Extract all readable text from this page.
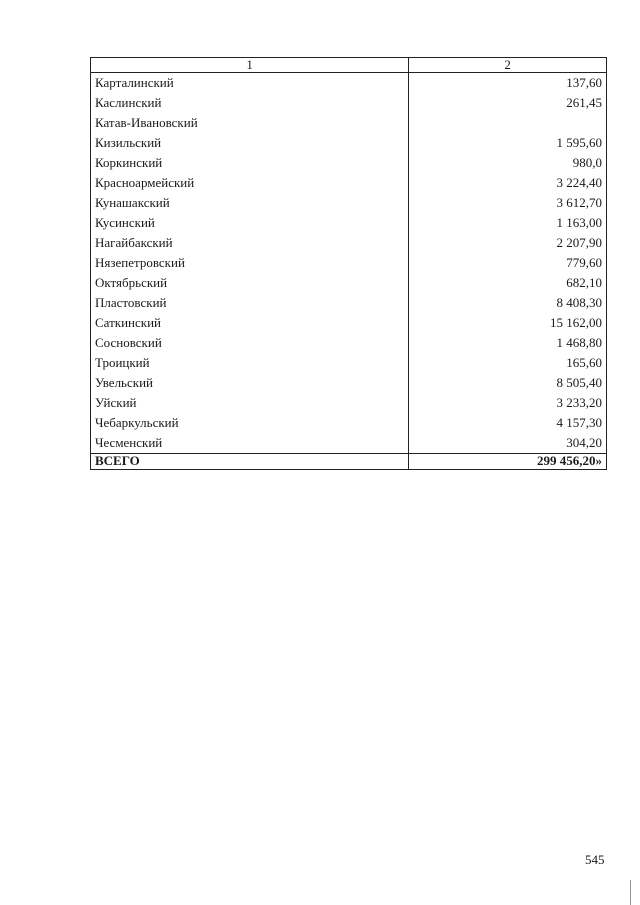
1	2
Карталинский	137,60
Каслинский	261,45
Катав-Ивановский	
Кизильский	1 595,60
Коркинский	980,0
Красноармейский	3 224,40
Кунашакский	3 612,70
Кусинский	1 163,00
Нагайбакский	2 207,90
Нязепетровский	779,60
Октябрьский	682,10
Пластовский	8 408,30
Саткинский	15 162,00
Сосновский	1 468,80
Троицкий	165,60
Увельский	8 505,40
Уйский	3 233,20
Чебаркульский	4 157,30
Чесменский	304,20
ВСЕГО	299 456,20»
545
